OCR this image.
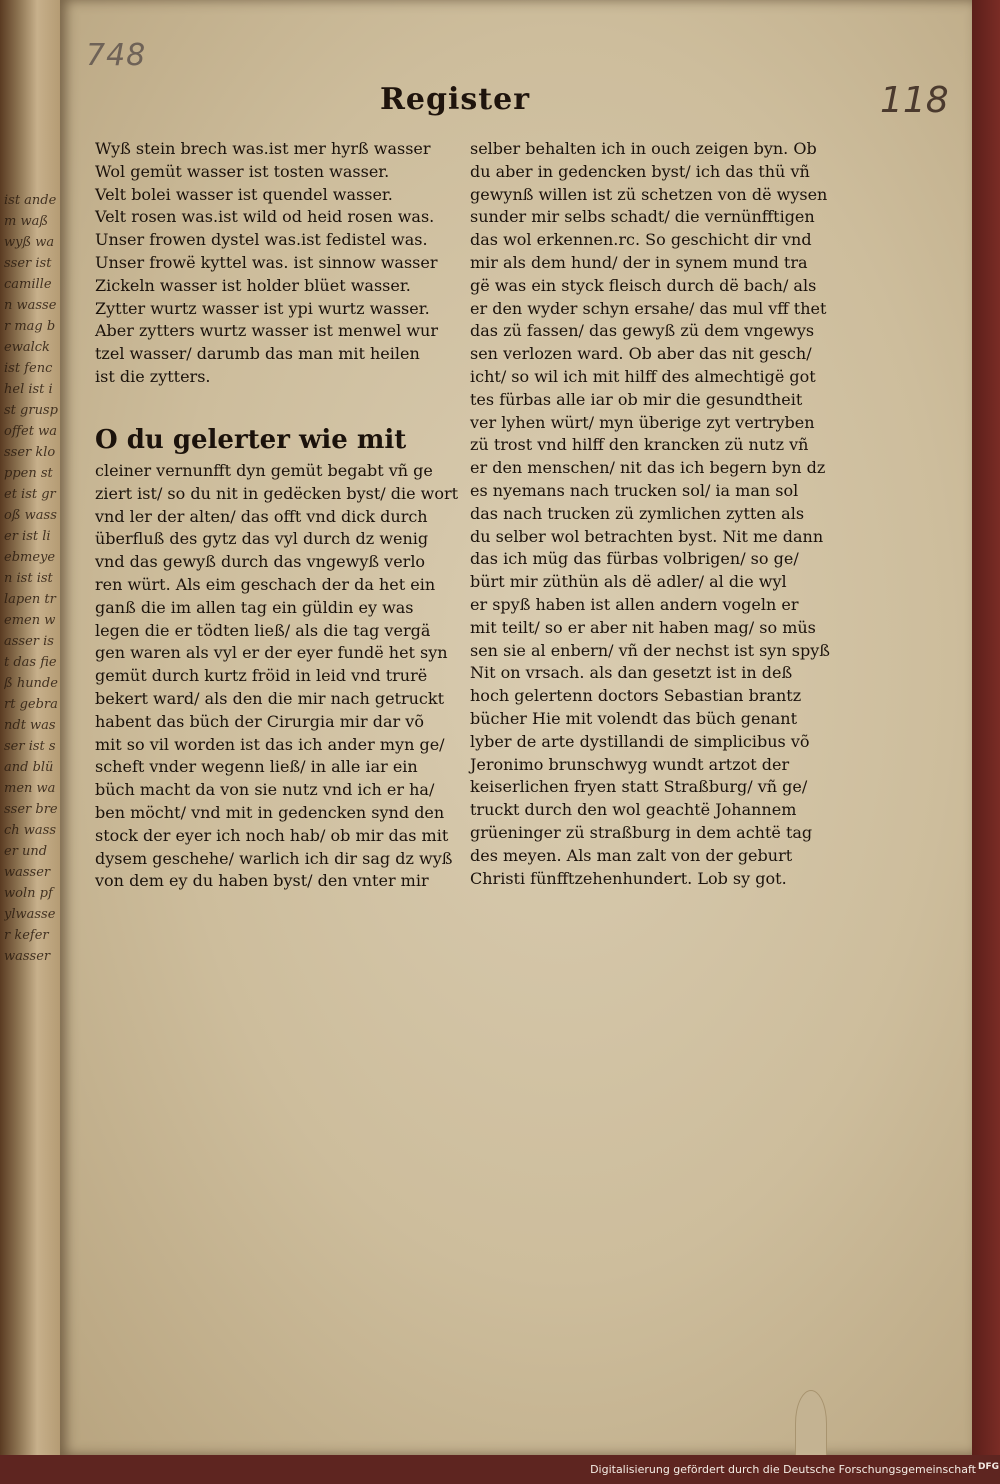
ist andem waß wyß wasser ist camillen wasser mag bewalck ist fenchel ist ist gruspoffet wasser kloppen stet ist groß wasser ist liebmeyen ist ist lapen tremen wasser ist das fieß hundert gebrandt wasser ist sand blümen wasser brech wasser und wasser woln pfylwasser keferwasser
748
118
Register
Wyß stein brech was.ist mer hyrß wasser
Wol gemüt wasser ist tosten wasser.
Velt bolei wasser ist quendel wasser.
Velt rosen was.ist wild od heid rosen was.
Unser frowen dystel was.ist fedistel was.
Unser frowë kyttel was. ist sinnow wasser
Zickeln wasser ist holder blüet wasser.
Zytter wurtz wasser ist ypi wurtz wasser.
Aber zytters wurtz wasser ist menwel wur
tzel wasser/ darumb das man mit heilen
ist die zytters.
O du gelerter wie mit
cleiner vernunfft dyn gemüt begabt vñ ge
ziert ist/ so du nit in gedëcken byst/ die wort
vnd ler der alten/ das offt vnd dick durch
überfluß des gytz das vyl durch dz wenig
vnd das gewyß durch das vngewyß verlo
ren würt. Als eim geschach der da het ein
ganß die im allen tag ein güldin ey was
legen die er tödten ließ/ als die tag vergä
gen waren als vyl er der eyer fundë het syn
gemüt durch kurtz fröid in leid vnd trurë
bekert ward/ als den die mir nach getruckt
habent das büch der Cirurgia mir dar võ
mit so vil worden ist das ich ander myn ge/
scheft vnder wegenn ließ/ in alle iar ein
büch macht da von sie nutz vnd ich er ha/
ben möcht/ vnd mit in gedencken synd den
stock der eyer ich noch hab/ ob mir das mit
dysem geschehe/ warlich ich dir sag dz wyß
von dem ey du haben byst/ den vnter mir
selber behalten ich in ouch zeigen byn. Ob
du aber in gedencken byst/ ich das thü vñ
gewynß willen ist zü schetzen von dë wysen
sunder mir selbs schadt/ die vernünfftigen
das wol erkennen.rc. So geschicht dir vnd
mir als dem hund/ der in synem mund tra
gë was ein styck fleisch durch dë bach/ als
er den wyder schyn ersahe/ das mul vff thet
das zü fassen/ das gewyß zü dem vngewys
sen verlozen ward. Ob aber das nit gesch/
icht/ so wil ich mit hilff des almechtigë got
tes fürbas alle iar ob mir die gesundtheit
ver lyhen würt/ myn überige zyt vertryben
zü trost vnd hilff den krancken zü nutz vñ
er den menschen/ nit das ich begern byn dz
es nyemans nach trucken sol/ ia man sol
das nach trucken zü zymlichen zytten als
du selber wol betrachten byst. Nit me dann
das ich müg das fürbas volbrigen/ so ge/
bürt mir züthün als dë adler/ al die wyl
er spyß haben ist allen andern vogeln er
mit teilt/ so er aber nit haben mag/ so müs
sen sie al enbern/ vñ der nechst ist syn spyß
Nit on vrsach. als dan gesetzt ist in deß
hoch gelertenn doctors Sebastian brantz
bücher Hie mit volendt das büch genant
lyber de arte dystillandi de simplicibus võ
Jeronimo brunschwyg wundt artzot der
keiserlichen fryen statt Straßburg/ vñ ge/
truckt durch den wol geachtë Johannem
grüeninger zü straßburg in dem achtë tag
des meyen. Als man zalt von der geburt
Christi fünfftzehenhundert. Lob sy got.
Digitalisierung gefördert durch die Deutsche Forschungsgemeinschaft DFG
